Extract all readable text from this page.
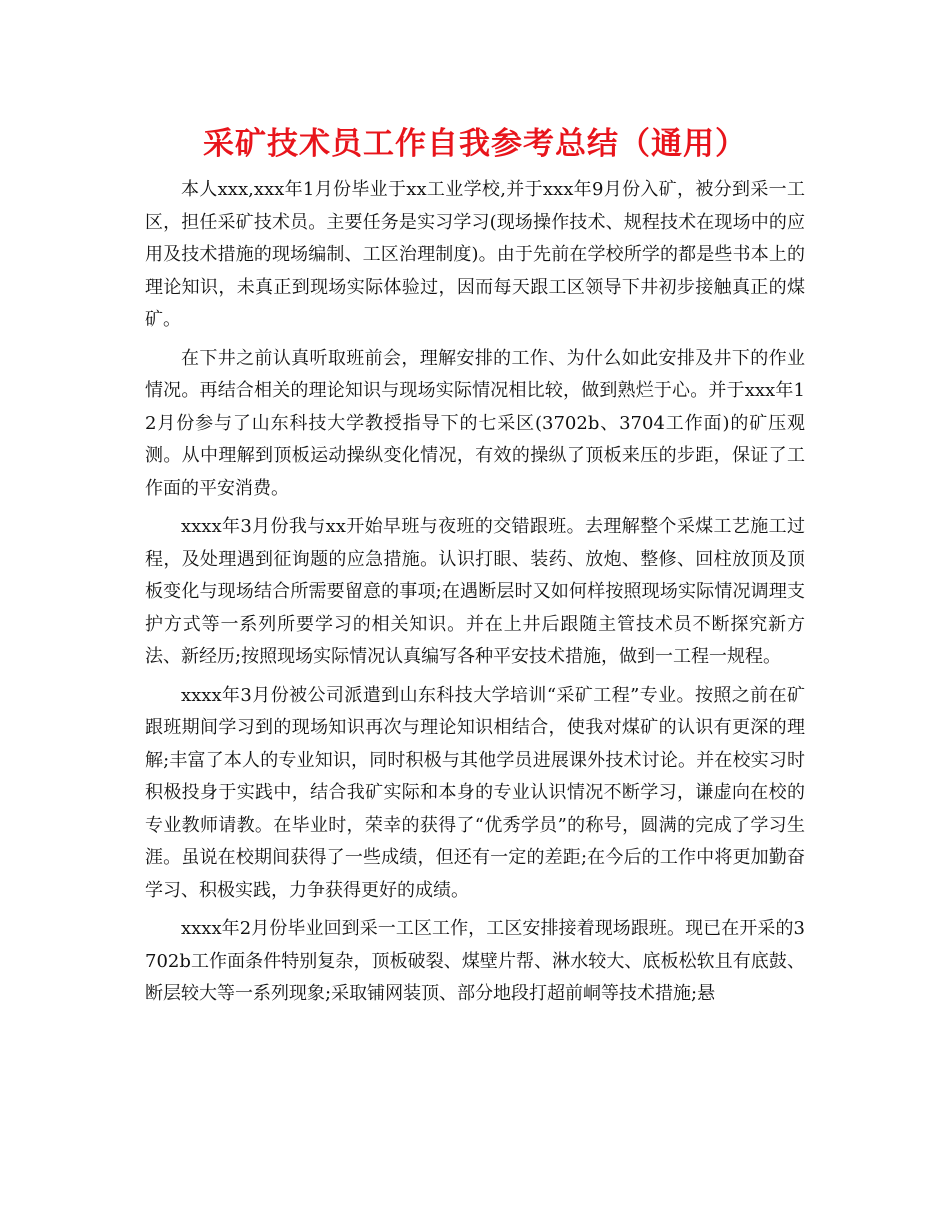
采矿技术员工作自我参考总结（通用）

本人xxx,xxx年1月份毕业于xx工业学校,并于xxx年9月份入矿，被分到采一工区，担任采矿技术员。主要任务是实习学习(现场操作技术、规程技术在现场中的应用及技术措施的现场编制、工区治理制度)。由于先前在学校所学的都是些书本上的理论知识，未真正到现场实际体验过，因而每天跟工区领导下井初步接触真正的煤矿。

在下井之前认真听取班前会，理解安排的工作、为什么如此安排及井下的作业情况。再结合相关的理论知识与现场实际情况相比较，做到熟烂于心。并于xxx年12月份参与了山东科技大学教授指导下的七采区(3702b、3704工作面)的矿压观测。从中理解到顶板运动操纵变化情况，有效的操纵了顶板来压的步距，保证了工作面的平安消费。

xxxx年3月份我与xx开始早班与夜班的交错跟班。去理解整个采煤工艺施工过程，及处理遇到征询题的应急措施。认识打眼、装药、放炮、整修、回柱放顶及顶板变化与现场结合所需要留意的事项;在遇断层时又如何样按照现场实际情况调理支护方式等一系列所要学习的相关知识。并在上井后跟随主管技术员不断探究新方法、新经历;按照现场实际情况认真编写各种平安技术措施，做到一工程一规程。

xxxx年3月份被公司派遣到山东科技大学培训“采矿工程”专业。按照之前在矿跟班期间学习到的现场知识再次与理论知识相结合，使我对煤矿的认识有更深的理解;丰富了本人的专业知识，同时积极与其他学员进展课外技术讨论。并在校实习时积极投身于实践中，结合我矿实际和本身的专业认识情况不断学习，谦虚向在校的专业教师请教。在毕业时，荣幸的获得了“优秀学员”的称号，圆满的完成了学习生涯。虽说在校期间获得了一些成绩，但还有一定的差距;在今后的工作中将更加勤奋学习、积极实践，力争获得更好的成绩。

xxxx年2月份毕业回到采一工区工作，工区安排接着现场跟班。现已在开采的3702b工作面条件特别复杂，顶板破裂、煤壁片帮、淋水较大、底板松软且有底鼓、断层较大等一系列现象;采取铺网装顶、部分地段打超前峒等技术措施;悬
